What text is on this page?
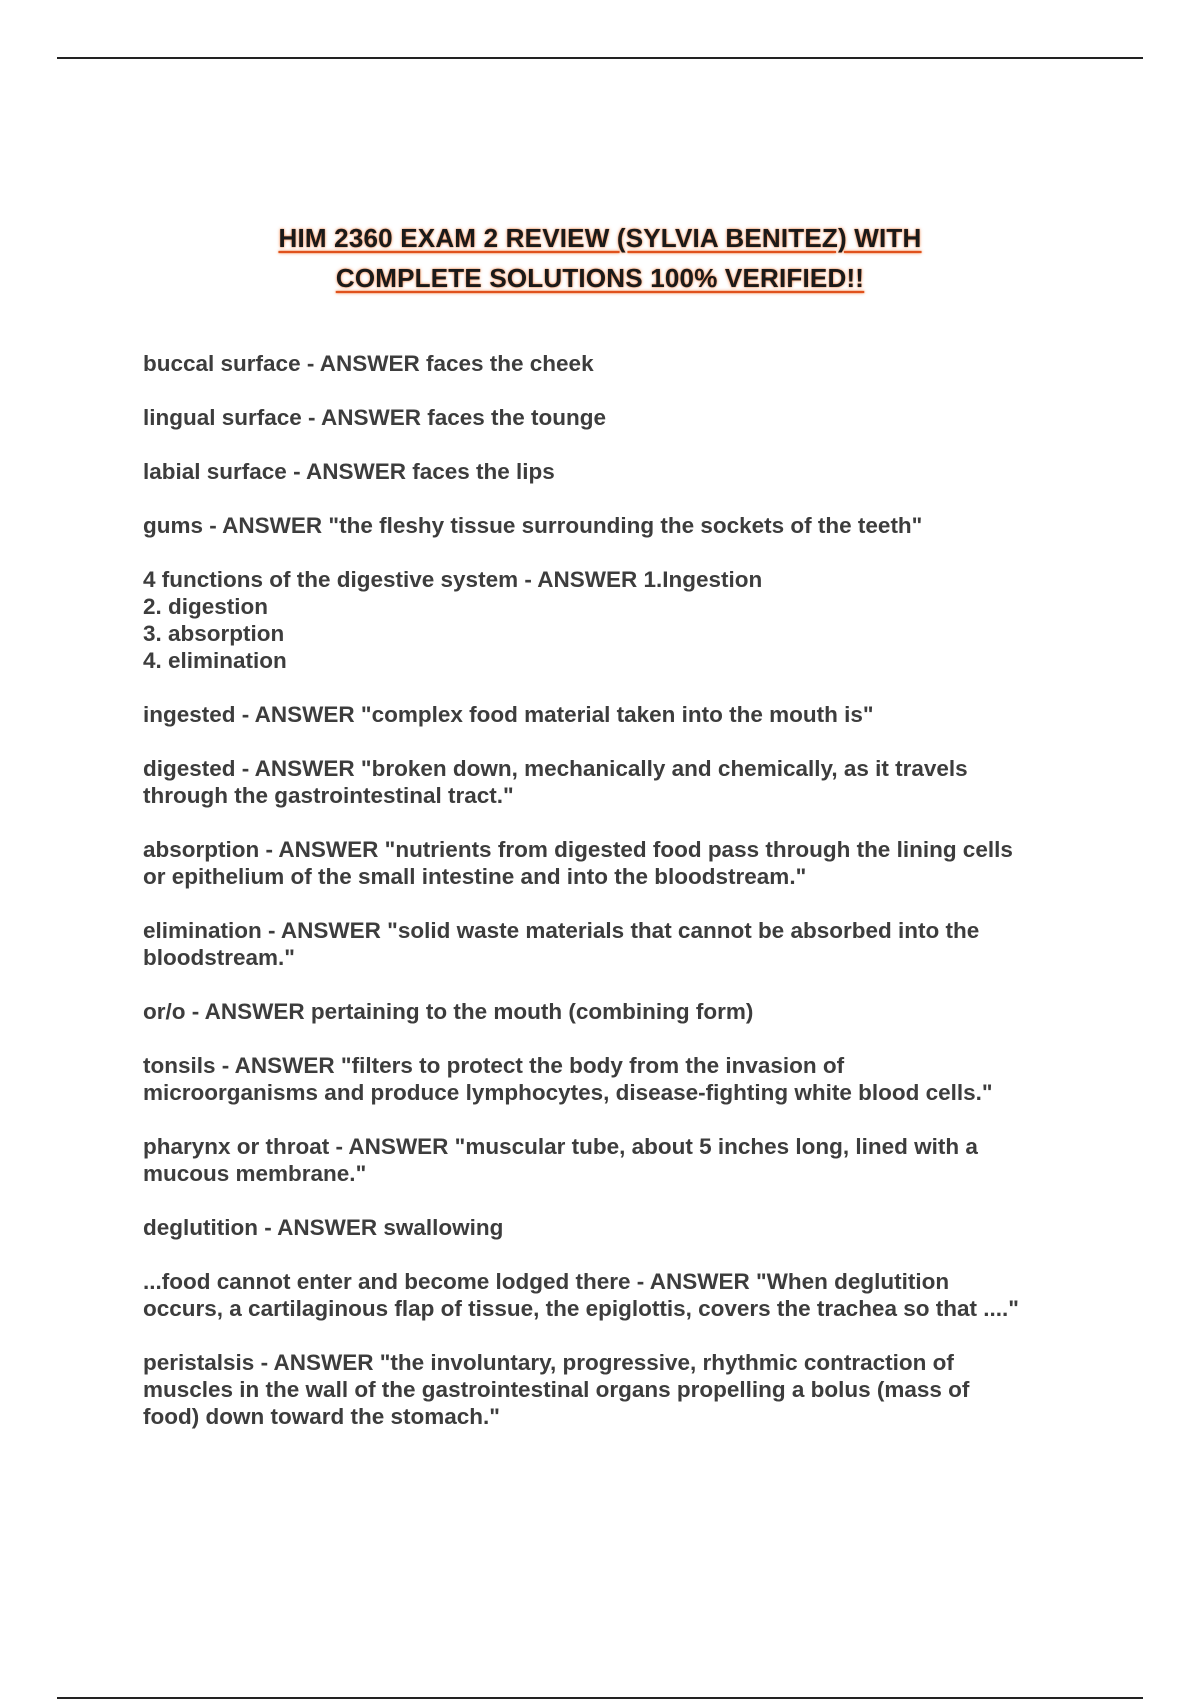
HIM 2360 EXAM 2 REVIEW (SYLVIA BENITEZ) WITH
COMPLETE SOLUTIONS 100% VERIFIED!!

buccal surface - ANSWER faces the cheek

lingual surface - ANSWER faces the tounge

labial surface - ANSWER faces the lips

gums - ANSWER "the fleshy tissue surrounding the sockets of the teeth"

4 functions of the digestive system - ANSWER 1.Ingestion
2. digestion
3. absorption
4. elimination

ingested - ANSWER "complex food material taken into the mouth is"

digested - ANSWER "broken down, mechanically and chemically, as it travels
through the gastrointestinal tract."

absorption - ANSWER "nutrients from digested food pass through the lining cells
or epithelium of the small intestine and into the bloodstream."

elimination - ANSWER "solid waste materials that cannot be absorbed into the
bloodstream."

or/o - ANSWER pertaining to the mouth (combining form)

tonsils - ANSWER "filters to protect the body from the invasion of
microorganisms and produce lymphocytes, disease-fighting white blood cells."

pharynx or throat - ANSWER "muscular tube, about 5 inches long, lined with a
mucous membrane."

deglutition - ANSWER swallowing

...food cannot enter and become lodged there - ANSWER "When deglutition
occurs, a cartilaginous flap of tissue, the epiglottis, covers the trachea so that ...."

peristalsis - ANSWER "the involuntary, progressive, rhythmic contraction of
muscles in the wall of the gastrointestinal organs propelling a bolus (mass of
food) down toward the stomach."
